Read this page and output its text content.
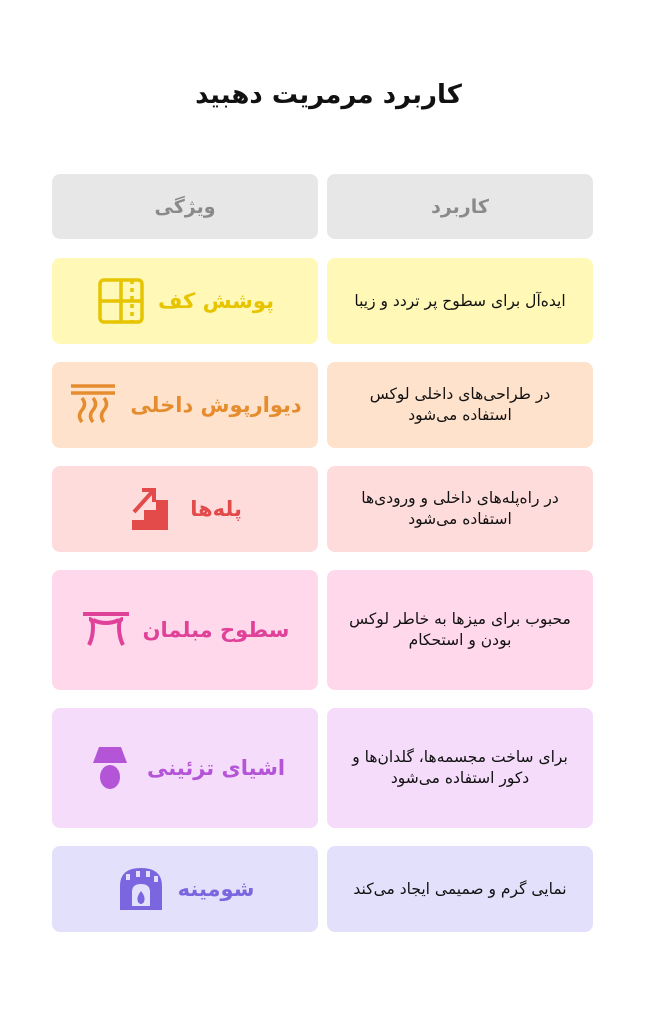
کاربرد مرمریت دهبید
ویژگی	کاربرد
پوشش کف	ایده‌آل برای سطوح پر تردد و زیبا
دیوارپوش داخلی	در طراحی‌های داخلی لوکس استفاده می‌شود
پله‌ها	در راه‌پله‌های داخلی و ورودی‌ها استفاده می‌شود
سطوح مبلمان	محبوب برای میزها به خاطر لوکس بودن و استحکام
اشیای تزئینی	برای ساخت مجسمه‌ها، گلدان‌ها و دکور استفاده می‌شود
شومینه	نمایی گرم و صمیمی ایجاد می‌کند
